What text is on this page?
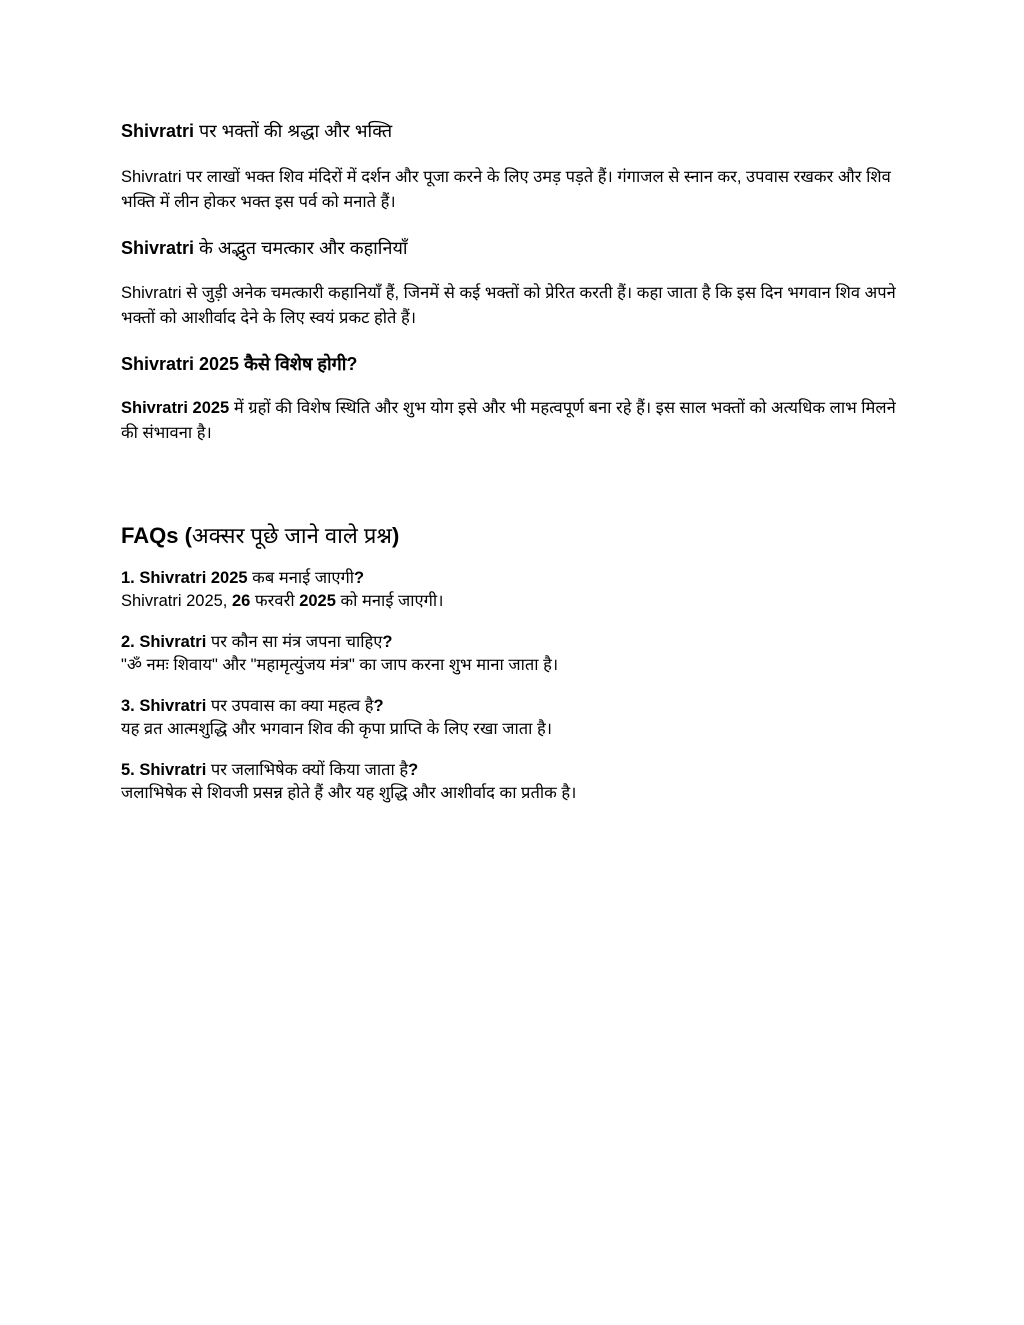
Shivratri पर भक्तों की श्रद्धा और भक्ति

Shivratri पर लाखों भक्त शिव मंदिरों में दर्शन और पूजा करने के लिए उमड़ पड़ते हैं। गंगाजल से स्नान कर, उपवास रखकर और शिव भक्ति में लीन होकर भक्त इस पर्व को मनाते हैं।

Shivratri के अद्भुत चमत्कार और कहानियाँ

Shivratri से जुड़ी अनेक चमत्कारी कहानियाँ हैं, जिनमें से कई भक्तों को प्रेरित करती हैं। कहा जाता है कि इस दिन भगवान शिव अपने भक्तों को आशीर्वाद देने के लिए स्वयं प्रकट होते हैं।

Shivratri 2025 कैसे विशेष होगी?

Shivratri 2025 में ग्रहों की विशेष स्थिति और शुभ योग इसे और भी महत्वपूर्ण बना रहे हैं। इस साल भक्तों को अत्यधिक लाभ मिलने की संभावना है।

FAQs (अक्सर पूछे जाने वाले प्रश्न)

1. Shivratri 2025 कब मनाई जाएगी?

Shivratri 2025, 26 फरवरी 2025 को मनाई जाएगी।

2. Shivratri पर कौन सा मंत्र जपना चाहिए?

"ॐ नमः शिवाय" और "महामृत्युंजय मंत्र" का जाप करना शुभ माना जाता है।

3. Shivratri पर उपवास का क्या महत्व है?

यह व्रत आत्मशुद्धि और भगवान शिव की कृपा प्राप्ति के लिए रखा जाता है।

5. Shivratri पर जलाभिषेक क्यों किया जाता है?

जलाभिषेक से शिवजी प्रसन्न होते हैं और यह शुद्धि और आशीर्वाद का प्रतीक है।
